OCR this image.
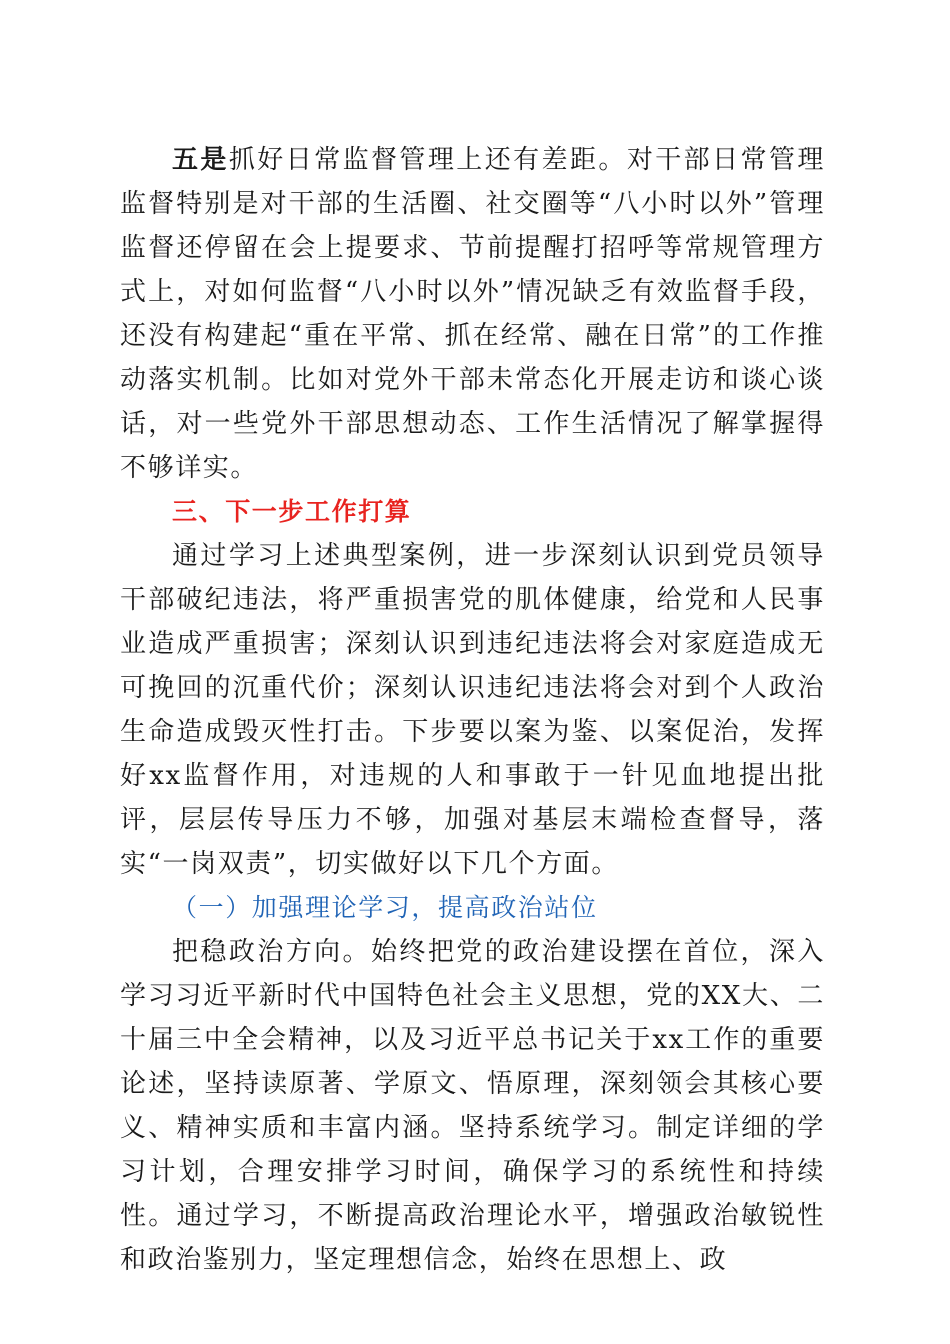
五是抓好日常监督管理上还有差距。对干部日常管理监督特别是对干部的生活圈、社交圈等“八小时以外”管理监督还停留在会上提要求、节前提醒打招呼等常规管理方式上，对如何监督“八小时以外”情况缺乏有效监督手段，还没有构建起“重在平常、抓在经常、融在日常”的工作推动落实机制。比如对党外干部未常态化开展走访和谈心谈话，对一些党外干部思想动态、工作生活情况了解掌握得不够详实。

三、下一步工作打算

通过学习上述典型案例，进一步深刻认识到党员领导干部破纪违法，将严重损害党的肌体健康，给党和人民事业造成严重损害；深刻认识到违纪违法将会对家庭造成无可挽回的沉重代价；深刻认识违纪违法将会对到个人政治生命造成毁灭性打击。下步要以案为鉴、以案促治，发挥好xx监督作用，对违规的人和事敢于一针见血地提出批评，层层传导压力不够，加强对基层末端检查督导，落实“一岗双责”，切实做好以下几个方面。

（一）加强理论学习，提高政治站位

把稳政治方向。始终把党的政治建设摆在首位，深入学习习近平新时代中国特色社会主义思想，党的XX大、二十届三中全会精神，以及习近平总书记关于xx工作的重要论述，坚持读原著、学原文、悟原理，深刻领会其核心要义、精神实质和丰富内涵。坚持系统学习。制定详细的学习计划，合理安排学习时间，确保学习的系统性和持续性。通过学习，不断提高政治理论水平，增强政治敏锐性和政治鉴别力，坚定理想信念，始终在思想上、政
